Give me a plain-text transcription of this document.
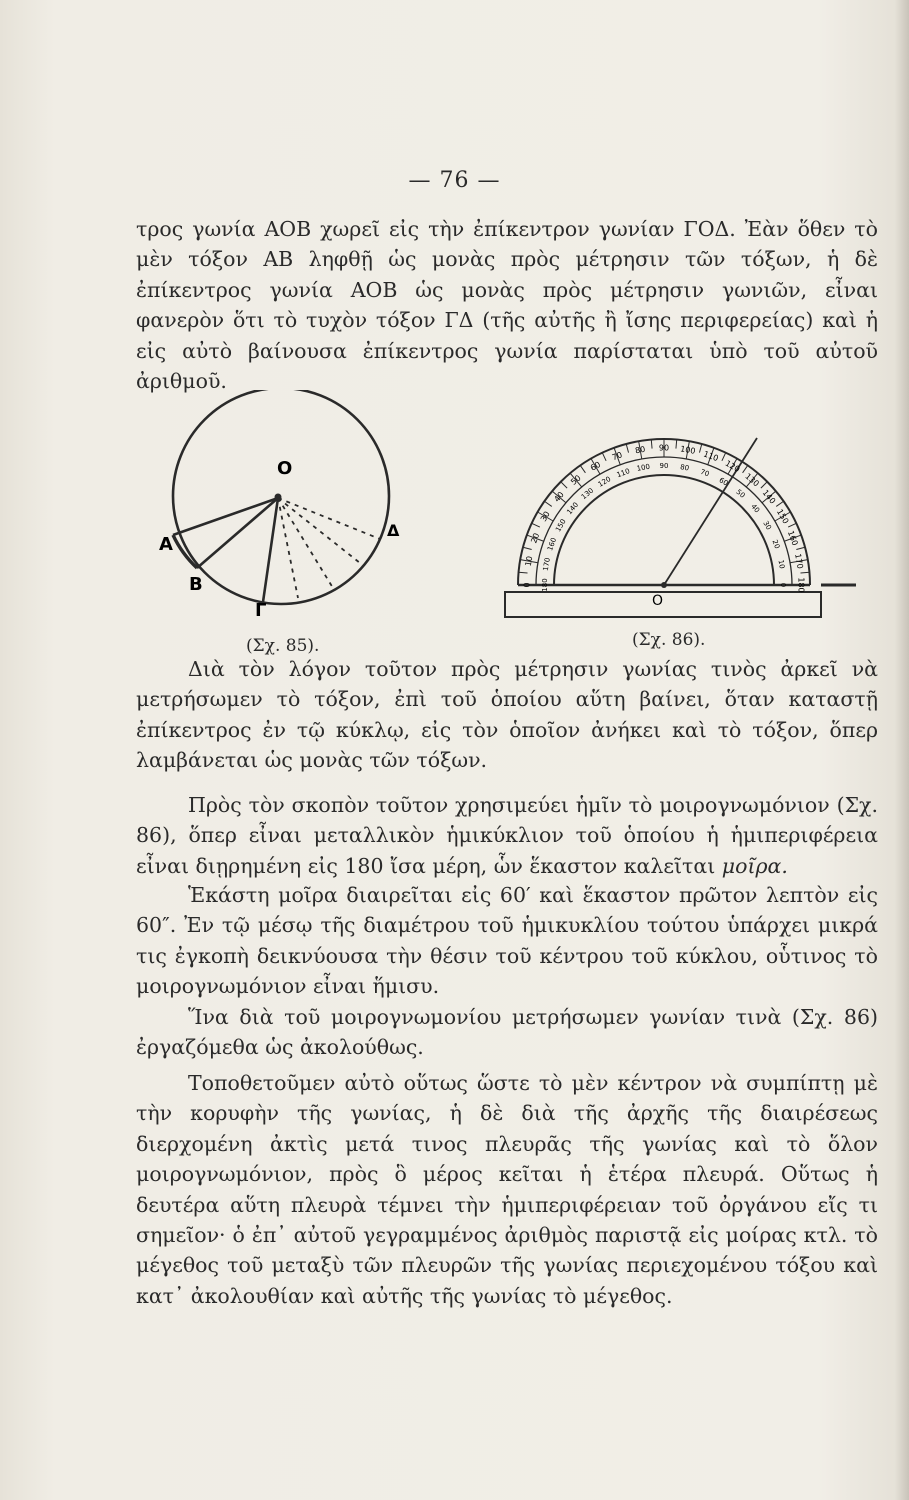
— 76 —

τρος γωνία ΑΟΒ χωρεῖ εἰς τὴν ἐπίκεντρον γωνίαν ΓΟΔ. Ἐὰν ὅθεν τὸ μὲν τόξον ΑΒ ληφθῇ ὡς μονὰς πρὸς μέτρησιν τῶν τόξων, ἡ δὲ ἐπίκεντρος γωνία ΑΟΒ ὡς μονὰς πρὸς μέτρησιν γωνιῶν, εἶναι φανερὸν ὅτι τὸ τυχὸν τόξον ΓΔ (τῆς αὐτῆς ἢ ἴσης περιφερείας) καὶ ἡ εἰς αὐτὸ βαίνουσα ἐπίκεντρος γωνία παρίσταται ὑπὸ τοῦ αὐτοῦ ἀριθμοῦ.

O
A
B
Γ
Δ
0
10
20
30
40
50
60
70
80 90 100 110
120
130
140
150
160
170
180
180
170
160
150
140
130
120
110 100 90 80
70
60
50
40
30
20
10
0
O
(Σχ. 85).	(Σχ. 86).

Διὰ τὸν λόγον τοῦτον πρὸς μέτρησιν γωνίας τινὸς ἀρκεῖ νὰ μετρήσωμεν τὸ τόξον, ἐπὶ τοῦ ὁποίου αὕτη βαίνει, ὅταν καταστῇ ἐπίκεντρος ἐν τῷ κύκλῳ, εἰς τὸν ὁποῖον ἀνήκει καὶ τὸ τόξον, ὅπερ λαμβάνεται ὡς μονὰς τῶν τόξων.

Πρὸς τὸν σκοπὸν τοῦτον χρησιμεύει ἡμῖν τὸ μοιρογνωμόνιον (Σχ. 86), ὅπερ εἶναι μεταλλικὸν ἡμικύκλιον τοῦ ὁποίου ἡ ἡμιπεριφέρεια εἶναι διῃρημένη εἰς 180 ἴσα μέρη, ὧν ἕκαστον καλεῖται μοῖρα.

Ἑκάστη μοῖρα διαιρεῖται εἰς 60′ καὶ ἕκαστον πρῶτον λεπτὸν εἰς 60″. Ἐν τῷ μέσῳ τῆς διαμέτρου τοῦ ἡμικυκλίου τούτου ὑπάρχει μικρά τις ἐγκοπὴ δεικνύουσα τὴν θέσιν τοῦ κέντρου τοῦ κύκλου, οὗτινος τὸ μοιρογνωμόνιον εἶναι ἥμισυ.

Ἵνα διὰ τοῦ μοιρογνωμονίου μετρήσωμεν γωνίαν τινὰ (Σχ. 86) ἐργαζόμεθα ὡς ἀκολούθως.

Τοποθετοῦμεν αὐτὸ οὕτως ὥστε τὸ μὲν κέντρον νὰ συμπίπτῃ μὲ τὴν κορυφὴν τῆς γωνίας, ἡ δὲ διὰ τῆς ἀρχῆς τῆς διαιρέσεως διερχομένη ἀκτὶς μετά τινος πλευρᾶς τῆς γωνίας καὶ τὸ ὅλον μοιρογνωμόνιον, πρὸς ὃ μέρος κεῖται ἡ ἑτέρα πλευρά. Οὕτως ἡ δευτέρα αὕτη πλευρὰ τέμνει τὴν ἡμιπεριφέρειαν τοῦ ὀργάνου εἴς τι σημεῖον· ὁ ἐπ᾽ αὐτοῦ γεγραμμένος ἀριθμὸς παριστᾷ εἰς μοίρας κτλ. τὸ μέγεθος τοῦ μεταξὺ τῶν πλευρῶν τῆς γωνίας περιεχομένου τόξου καὶ κατ᾽ ἀκολουθίαν καὶ αὐτῆς τῆς γωνίας τὸ μέγεθος.
